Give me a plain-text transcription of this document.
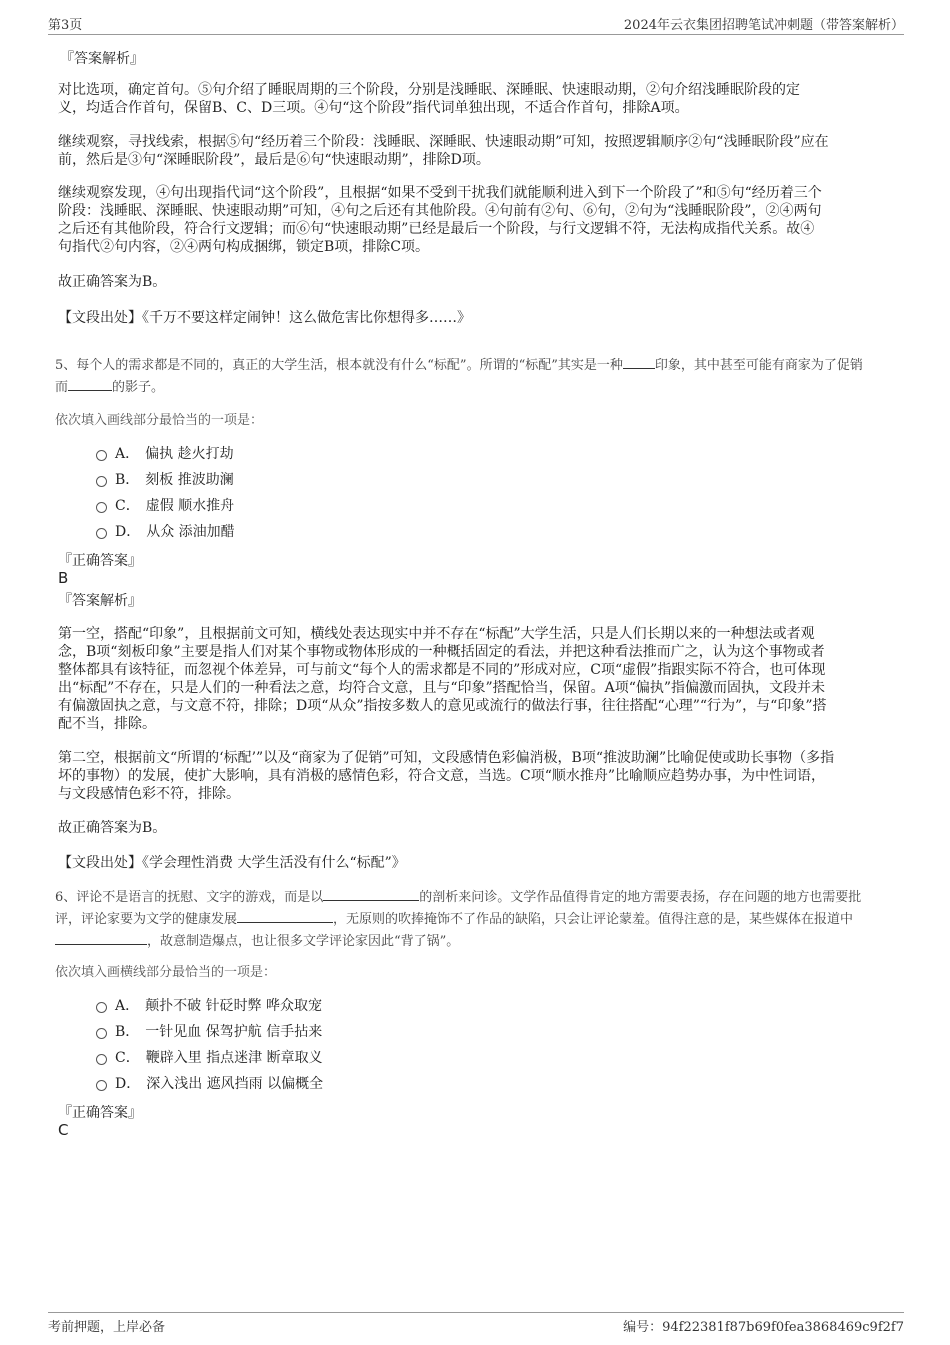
第3页	2024年云衣集团招聘笔试冲刺题（带答案解析）
『答案解析』
对比选项，确定首句。⑤句介绍了睡眠周期的三个阶段，分别是浅睡眠、深睡眠、快速眼动期，②句介绍浅睡眠阶段的定
义，均适合作首句，保留B、C、D三项。④句“这个阶段”指代词单独出现，不适合作首句，排除A项。
继续观察，寻找线索，根据⑤句“经历着三个阶段：浅睡眠、深睡眠、快速眼动期”可知，按照逻辑顺序②句“浅睡眠阶段”应在
前，然后是③句“深睡眠阶段”，最后是⑥句“快速眼动期”，排除D项。
继续观察发现，④句出现指代词“这个阶段”，且根据“如果不受到干扰我们就能顺利进入到下一个阶段了”和⑤句“经历着三个
阶段：浅睡眠、深睡眠、快速眼动期”可知，④句之后还有其他阶段。④句前有②句、⑥句，②句为“浅睡眠阶段”，②④两句
之后还有其他阶段，符合行文逻辑；而⑥句“快速眼动期”已经是最后一个阶段，与行文逻辑不符，无法构成指代关系。故④
句指代②句内容，②④两句构成捆绑，锁定B项，排除C项。
故正确答案为B。
【文段出处】《千万不要这样定闹钟！这么做危害比你想得多……》
5、每个人的需求都是不同的，真正的大学生活，根本就没有什么“标配”。所谓的“标配”其实是一种 印象，其中甚至可能有商家为了促销
而	的影子。
依次填入画线部分最恰当的一项是：
A． 偏执 趁火打劫
B． 刻板 推波助澜
C． 虚假 顺水推舟
D． 从众 添油加醋
『正确答案』
B
『答案解析』
第一空，搭配“印象”，且根据前文可知，横线处表达现实中并不存在“标配”大学生活，只是人们长期以来的一种想法或者观
念，B项“刻板印象”主要是指人们对某个事物或物体形成的一种概括固定的看法，并把这种看法推而广之，认为这个事物或者
整体都具有该特征，而忽视个体差异，可与前文“每个人的需求都是不同的”形成对应，C项“虚假”指跟实际不符合，也可体现
出“标配”不存在，只是人们的一种看法之意，均符合文意，且与“印象”搭配恰当，保留。A项“偏执”指偏激而固执，文段并未
有偏激固执之意，与文意不符，排除；D项“从众”指按多数人的意见或流行的做法行事，往往搭配“心理”“行为”，与“印象”搭
配不当，排除。
第二空，根据前文“所谓的‘标配’”以及“商家为了促销”可知，文段感情色彩偏消极，B项“推波助澜”比喻促使或助长事物（多指
坏的事物）的发展，使扩大影响，具有消极的感情色彩，符合文意，当选。C项“顺水推舟”比喻顺应趋势办事，为中性词语，
与文段感情色彩不符，排除。
故正确答案为B。
【文段出处】《学会理性消费 大学生活没有什么“标配”》
6、评论不是语言的抚慰、文字的游戏，而是以	的剖析来问诊。文学作品值得肯定的地方需要表扬，存在问题的地方也需要批
评，评论家要为文学的健康发展	，无原则的吹捧掩饰不了作品的缺陷，只会让评论蒙羞。值得注意的是，某些媒体在报道中
，故意制造爆点，也让很多文学评论家因此“背了锅”。
依次填入画横线部分最恰当的一项是：
A． 颠扑不破 针砭时弊 哗众取宠
B． 一针见血 保驾护航 信手拈来
C． 鞭辟入里 指点迷津 断章取义
D． 深入浅出 遮风挡雨 以偏概全
『正确答案』
C
考前押题，上岸必备	编号：94f22381f87b69f0fea3868469c9f2f7
